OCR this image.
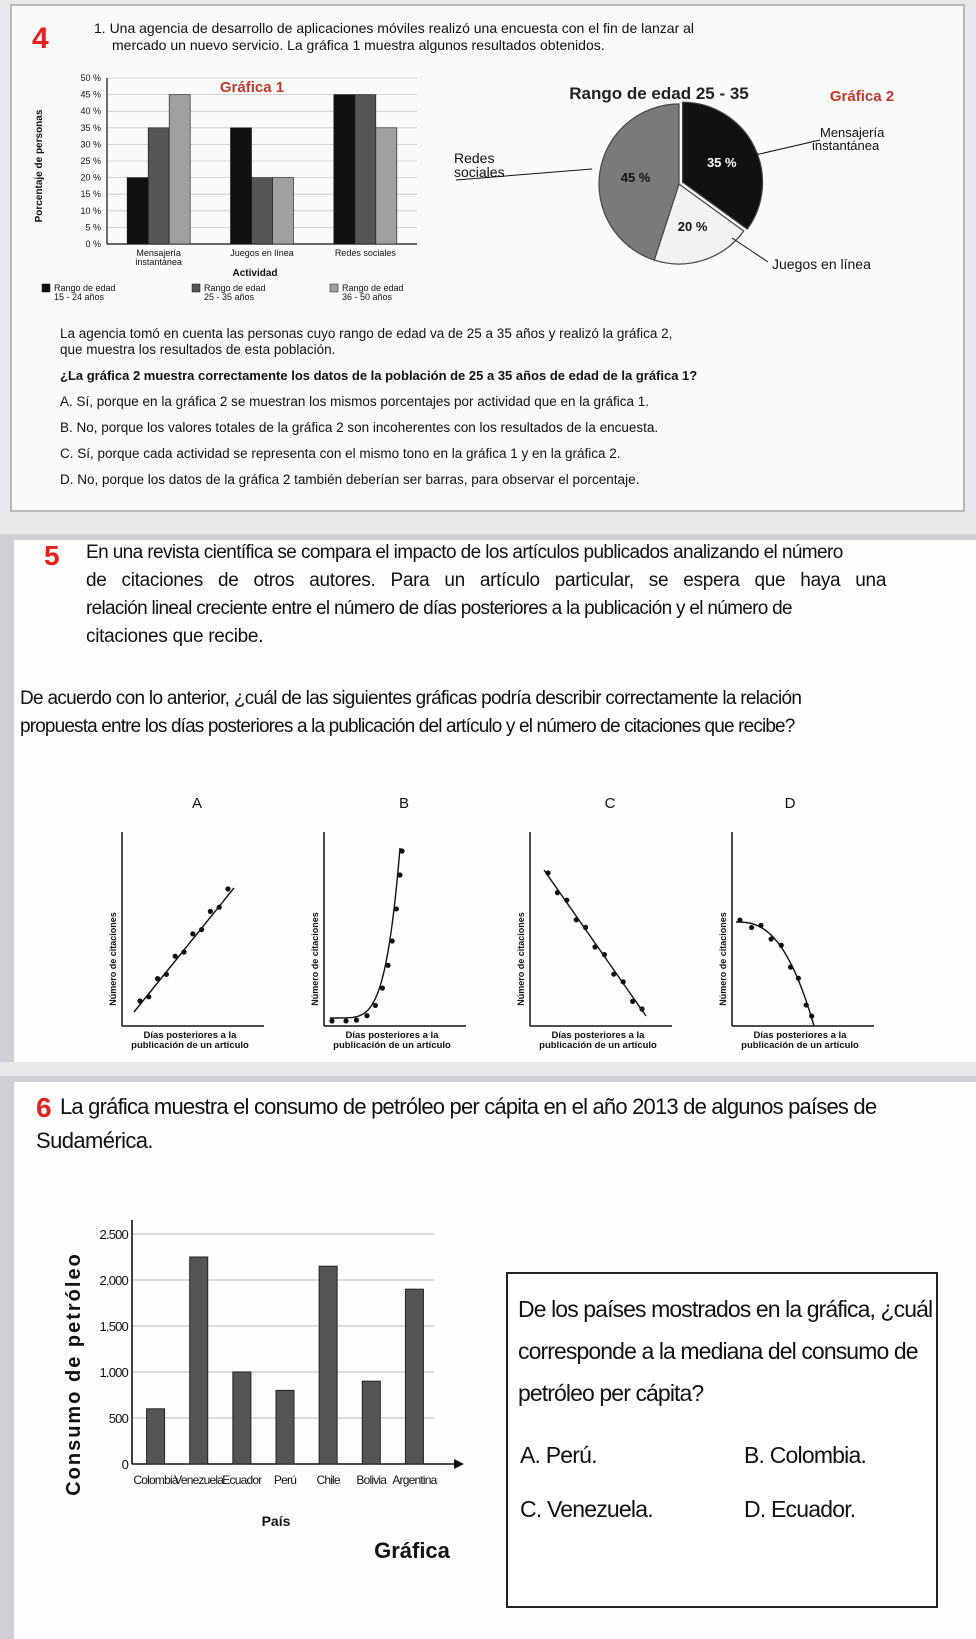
4	1. Una agencia de desarrollo de aplicaciones móviles realizó una encuesta con el fin de lanzar al
mercado un nuevo servicio. La gráfica 1 muestra algunos resultados obtenidos.
Gráfica 1
Porcentaje de personas
0 %
5 %
10 %
15 %
20 %
25 %
30 %
35 %
40 %
45 %
50 %
Mensajería
instantánea
Juegos en línea	Redes sociales
Actividad
Rango de edad
15 - 24 años
Rango de edad
25 - 35 años
Rango de edad
36 - 50 años
Rango de edad 25 - 35	Gráfica 2
35 %
20 %
45 %
Mensajería
instantánea
Redes
sociales
Juegos en línea
La agencia tomó en cuenta las personas cuyo rango de edad va de 25 a 35 años y realizó la gráfica 2,
que muestra los resultados de esta población.
¿La gráfica 2 muestra correctamente los datos de la población de 25 a 35 años de edad de la gráfica 1?
A. Sí, porque en la gráfica 2 se muestran los mismos porcentajes por actividad que en la gráfica 1.
B. No, porque los valores totales de la gráfica 2 son incoherentes con los resultados de la encuesta.
C. Sí, porque cada actividad se representa con el mismo tono en la gráfica 1 y en la gráfica 2.
D. No, porque los datos de la gráfica 2 también deberían ser barras, para observar el porcentaje.
5 En una revista científica se compara el impacto de los artículos publicados analizando el número
de citaciones de otros autores. Para un artículo particular, se espera que haya una
relación lineal creciente entre el número de días posteriores a la publicación y el número de
citaciones que recibe.
De acuerdo con lo anterior, ¿cuál de las siguientes gráficas podría describir correctamente la relación
propuesta entre los días posteriores a la publicación del artículo y el número de citaciones que recibe?
A
Número de citaciones
Días posteriores a la
publicación de un artículo
B
Número de citaciones
Días posteriores a la
publicación de un artículo
C
Número de citaciones
Días posteriores a la
publicación de un artículo
D
Número de citaciones
Días posteriores a la
publicación de un artículo
6 La gráfica muestra el consumo de petróleo per cápita en el año 2013 de algunos países de
Sudamérica.
Consumo de petróleo	0
500
1.000
1.500
2.000
2.500
Colombia
Venezuela Ecuador Perú Chile Bolivia Argentina
País
Gráfica
De los países mostrados en la gráfica, ¿cuál
corresponde a la mediana del consumo de
petróleo per cápita?
A. Perú.	B. Colombia.
C. Venezuela.	D. Ecuador.
